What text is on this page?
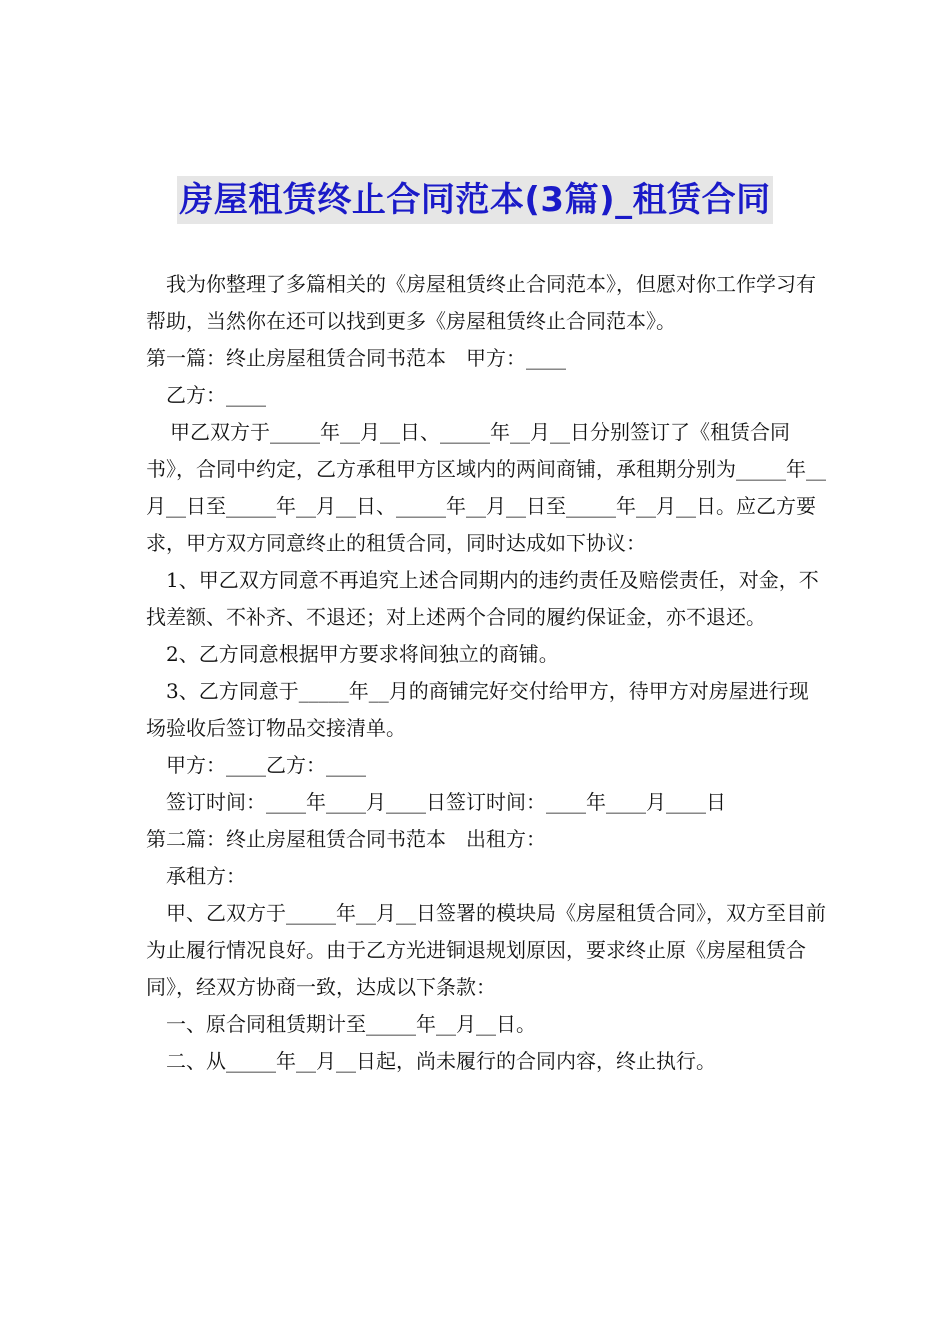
房屋租赁终止合同范本(3篇)_租赁合同

我为你整理了多篇相关的《房屋租赁终止合同范本》，但愿对你工作学习有帮助，当然你在还可以找到更多《房屋租赁终止合同范本》。

第一篇：终止房屋租赁合同书范本　甲方：____

乙方：____

甲乙双方于_____年__月__日、_____年__月__日分别签订了《租赁合同书》，合同中约定，乙方承租甲方区域内的两间商铺，承租期分别为_____年__月__日至_____年__月__日、_____年__月__日至_____年__月__日。应乙方要求，甲方双方同意终止的租赁合同，同时达成如下协议：

1、甲乙双方同意不再追究上述合同期内的违约责任及赔偿责任，对金，不找差额、不补齐、不退还；对上述两个合同的履约保证金，亦不退还。

2、乙方同意根据甲方要求将间独立的商铺。

3、乙方同意于_____年__月的商铺完好交付给甲方，待甲方对房屋进行现场验收后签订物品交接清单。

甲方：____乙方：____

签订时间：____年____月____日签订时间：____年____月____日

第二篇：终止房屋租赁合同书范本　出租方：

承租方：

甲、乙双方于_____年__月__日签署的模块局《房屋租赁合同》，双方至目前为止履行情况良好。由于乙方光进铜退规划原因，要求终止原《房屋租赁合同》，经双方协商一致，达成以下条款：

一、原合同租赁期计至_____年__月__日。

二、从_____年__月__日起，尚未履行的合同内容，终止执行。
